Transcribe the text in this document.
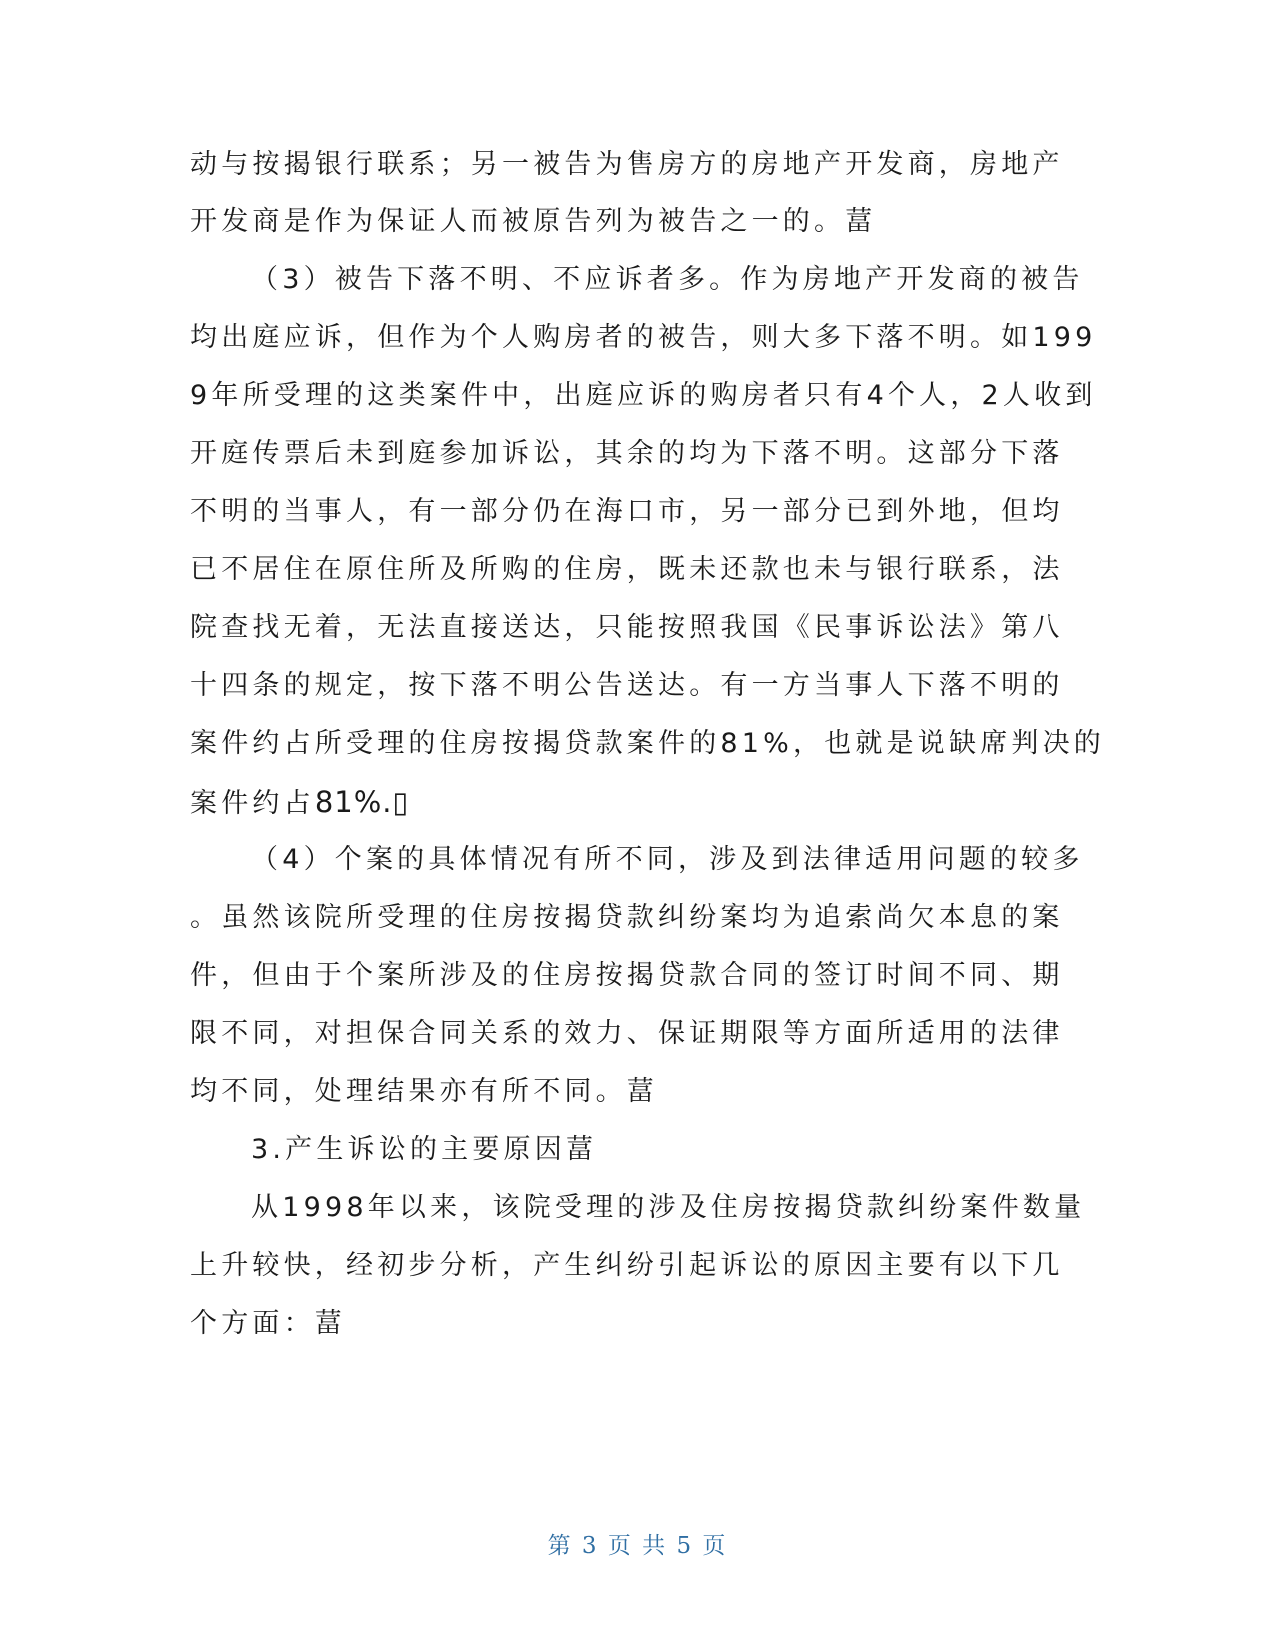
动与按揭银行联系；另一被告为售房方的房地产开发商，房地产
开发商是作为保证人而被原告列为被告之一的。葍
（3）被告下落不明、不应诉者多。作为房地产开发商的被告
均出庭应诉，但作为个人购房者的被告，则大多下落不明。如199
9年所受理的这类案件中，出庭应诉的购房者只有4个人，2人收到
开庭传票后未到庭参加诉讼，其余的均为下落不明。这部分下落
不明的当事人，有一部分仍在海口市，另一部分已到外地，但均
已不居住在原住所及所购的住房，既未还款也未与银行联系，法
院查找无着，无法直接送达，只能按照我国《民事诉讼法》第八
十四条的规定，按下落不明公告送达。有一方当事人下落不明的
案件约占所受理的住房按揭贷款案件的81%，也就是说缺席判决的
案件约占81%.▯
（4）个案的具体情况有所不同，涉及到法律适用问题的较多
。虽然该院所受理的住房按揭贷款纠纷案均为追索尚欠本息的案
件，但由于个案所涉及的住房按揭贷款合同的签订时间不同、期
限不同，对担保合同关系的效力、保证期限等方面所适用的法律
均不同，处理结果亦有所不同。葍
3.产生诉讼的主要原因葍
从1998年以来，该院受理的涉及住房按揭贷款纠纷案件数量
上升较快，经初步分析，产生纠纷引起诉讼的原因主要有以下几
个方面：葍
第 3 页 共 5 页
